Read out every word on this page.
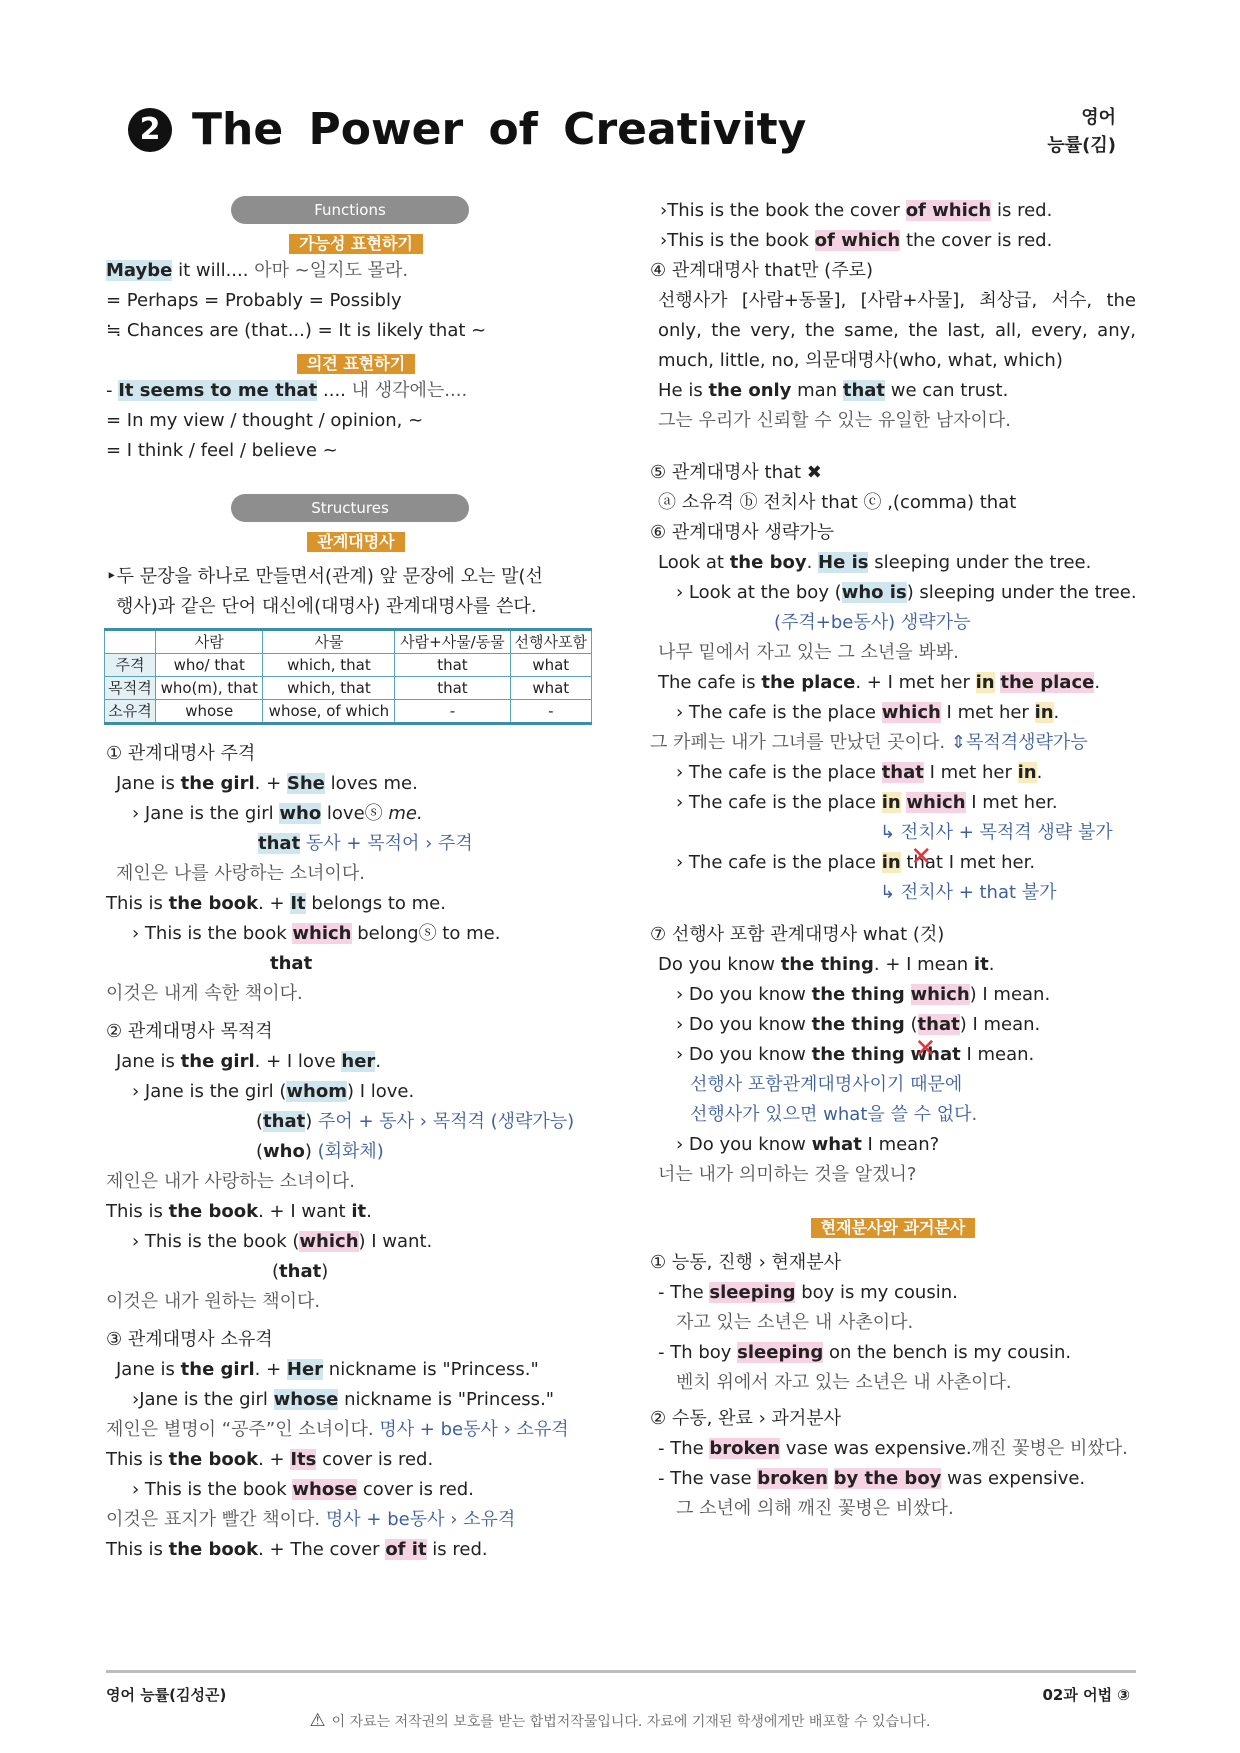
2 The Power of Creativity	영어
능률(김)
Functions
가능성 표현하기
Maybe it will.... 아마 ~일지도 몰라.
= Perhaps = Probably = Possibly
≒ Chances are (that...) = It is likely that ~
의견 표현하기
- It seems to me that .... 내 생각에는....
= In my view / thought / opinion, ~
= I think / feel / believe ~
Structures
관계대명사
‣두 문장을 하나로 만들면서(관계) 앞 문장에 오는 말(선
행사)과 같은 단어 대신에(대명사) 관계대명사를 쓴다.
	사람	사물	사람+사물/동물	선행사포함
주격	who/ that	which, that	that	what
목적격	who(m), that	which, that	that	what
소유격	whose	whose, of which	-	-
① 관계대명사 주격
Jane is the girl. + She loves me.
› Jane is the girl who loveⓢ me.
that 동사 + 목적어 › 주격
제인은 나를 사랑하는 소녀이다.
This is the book. + It belongs to me.
› This is the book which belongⓢ to me.
that
이것은 내게 속한 책이다.
② 관계대명사 목적격
Jane is the girl. + I love her.
› Jane is the girl (whom) I love.
(that) 주어 + 동사 › 목적격 (생략가능)
(who) (회화체)
제인은 내가 사랑하는 소녀이다.
This is the book. + I want it.
› This is the book (which) I want.
(that)
이것은 내가 원하는 책이다.
③ 관계대명사 소유격
Jane is the girl. + Her nickname is "Princess."
›Jane is the girl whose nickname is "Princess."
제인은 별명이 “공주”인 소녀이다. 명사 + be동사 › 소유격
This is the book. + Its cover is red.
› This is the book whose cover is red.
이것은 표지가 빨간 책이다. 명사 + be동사 › 소유격
This is the book. + The cover of it is red.
›This is the book the cover of which is red.
›This is the book of which the cover is red.
④ 관계대명사 that만 (주로)
선행사가 [사람+동물], [사람+사물], 최상급, 서수, the only, the very, the same, the last, all, every, any, much, little, no, 의문대명사(who, what, which)
He is the only man that we can trust.
그는 우리가 신뢰할 수 있는 유일한 남자이다.
⑤ 관계대명사 that ✖
ⓐ 소유격 ⓑ 전치사 that ⓒ ,(comma) that
⑥ 관계대명사 생략가능
Look at the boy. He is sleeping under the tree.
› Look at the boy (who is) sleeping under the tree.
(주격+be동사) 생략가능
나무 밑에서 자고 있는 그 소년을 봐봐.
The cafe is the place. + I met her in the place.
› The cafe is the place which I met her in.
그 카페는 내가 그녀를 만났던 곳이다. ⇕목적격생략가능
› The cafe is the place that I met her in.
› The cafe is the place in which I met her.
↳ 전치사 + 목적격 생략 불가
› The cafe is the place in that ✕ I met her.
↳ 전치사 + that 불가
⑦ 선행사 포함 관계대명사 what (것)
Do you know the thing. + I mean it.
› Do you know the thing which) I mean.
› Do you know the thing (that) I mean.
› Do you know the thing what ✕ I mean.
선행사 포함관계대명사이기 때문에
선행사가 있으면 what을 쓸 수 없다.
› Do you know what I mean?
너는 내가 의미하는 것을 알겠니?
현재분사와 과거분사
① 능동, 진행 › 현재분사
- The sleeping boy is my cousin.
자고 있는 소년은 내 사촌이다.
- Th boy sleeping on the bench is my cousin.
벤치 위에서 자고 있는 소년은 내 사촌이다.
② 수동, 완료 › 과거분사
- The broken vase was expensive.깨진 꽃병은 비쌌다.
- The vase broken by the boy was expensive.
그 소년에 의해 깨진 꽃병은 비쌌다.
영어 능률(김성곤)	02과 어법 ③
⚠ 이 자료는 저작권의 보호를 받는 합법저작물입니다. 자료에 기재된 학생에게만 배포할 수 있습니다.
